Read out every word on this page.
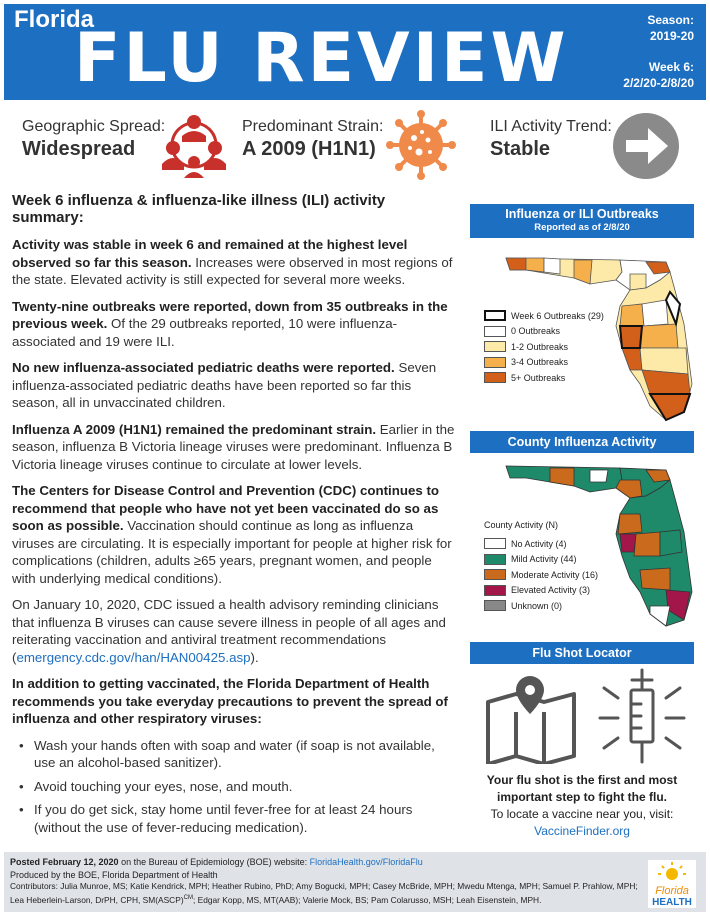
Florida
FLU REVIEW	Season:
2019-20
Week 6:
2/2/20-2/8/20
Geographic Spread:
Widespread
Predominant Strain:
A 2009 (H1N1)
ILI Activity Trend:
Stable
Week 6 influenza & influenza-like illness (ILI) activity summary:

Activity was stable in week 6 and remained at the highest level observed so far this season. Increases were observed in most regions of the state. Elevated activity is still expected for several more weeks.

Twenty-nine outbreaks were reported, down from 35 outbreaks in the previous week. Of the 29 outbreaks reported, 10 were influenza-associated and 19 were ILI.

No new influenza-associated pediatric deaths were reported. Seven influenza-associated pediatric deaths have been reported so far this season, all in unvaccinated children.

Influenza A 2009 (H1N1) remained the predominant strain. Earlier in the season, influenza B Victoria lineage viruses were predominant. Influenza B Victoria lineage viruses continue to circulate at lower levels.

The Centers for Disease Control and Prevention (CDC) continues to recommend that people who have not yet been vaccinated do so as soon as possible. Vaccination should continue as long as influenza viruses are circulating. It is especially important for people at higher risk for complications (children, adults ≥65 years, pregnant women, and people with underlying medical conditions).

On January 10, 2020, CDC issued a health advisory reminding clinicians that influenza B viruses can cause severe illness in people of all ages and reiterating vaccination and antiviral treatment recommendations (emergency.cdc.gov/han/HAN00425.asp).

In addition to getting vaccinated, the Florida Department of Health recommends you take everyday precautions to prevent the spread of influenza and other respiratory viruses:

• Wash your hands often with soap and water (if soap is not available, use an alcohol-based sanitizer).
• Avoid touching your eyes, nose, and mouth.
• If you do get sick, stay home until fever-free for at least 24 hours (without the use of fever-reducing medication).
Influenza or ILI Outbreaks
Reported as of 2/8/20
Week 6 Outbreaks (29)
0 Outbreaks
1-2 Outbreaks
3-4 Outbreaks
5+ Outbreaks
County Influenza Activity
County Activity (N)
No Activity (4)
Mild Activity (44)
Moderate Activity (16)
Elevated Activity (3)
Unknown (0)
Flu Shot Locator
Your flu shot is the first and most important step to fight the flu.
To locate a vaccine near you, visit:
VaccineFinder.org
Posted February 12, 2020 on the Bureau of Epidemiology (BOE) website: FloridaHealth.gov/FloridaFlu
Produced by the BOE, Florida Department of Health
Contributors: Julia Munroe, MS; Katie Kendrick, MPH; Heather Rubino, PhD; Amy Bogucki, MPH; Casey McBride, MPH; Mwedu Mtenga, MPH; Samuel P. Prahlow, MPH; Lea Heberlein-Larson, DrPH, CPH, SM(ASCP)$^{CM}$; Edgar Kopp, MS, MT(AAB); Valerie Mock, BS; Pam Colarusso, MSH; Leah Eisenstein, MPH.
Florida
HEALTH
